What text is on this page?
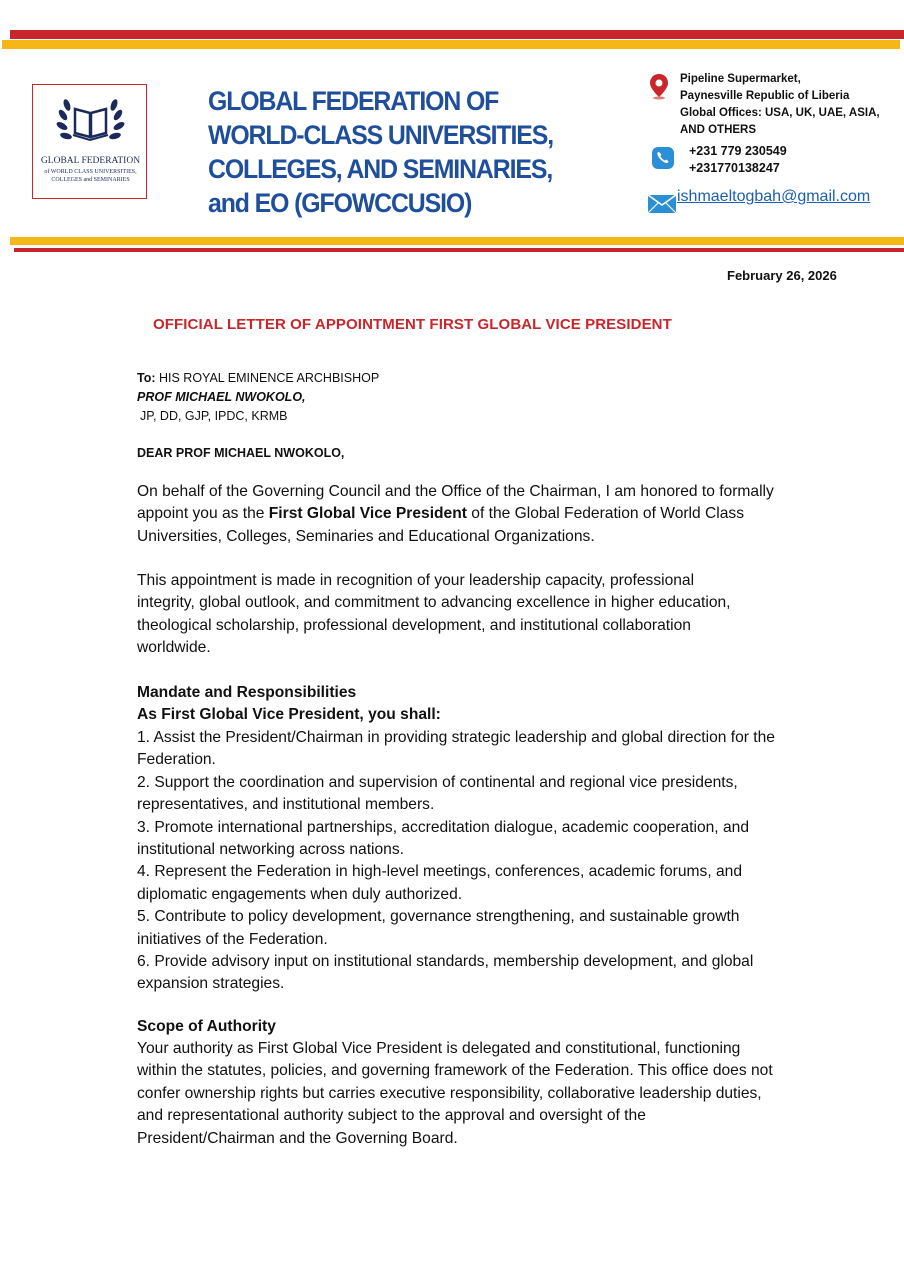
GLOBAL FEDERATION
of WORLD CLASS UNIVERSITIES,
COLLEGES and SEMINARIES
GLOBAL FEDERATION OF WORLD-CLASS UNIVERSITIES, COLLEGES, AND SEMINARIES, and EO (GFOWCCUSIO)
Pipeline Supermarket,
Paynesville Republic of Liberia
Global Offices: USA, UK, UAE, ASIA,
AND OTHERS
+231 779 230549
+231770138247
ishmaeltogbah@gmail.com
February 26, 2026
OFFICIAL LETTER OF APPOINTMENT FIRST GLOBAL VICE PRESIDENT
To: HIS ROYAL EMINENCE ARCHBISHOP
PROF MICHAEL NWOKOLO,
JP, DD, GJP, IPDC, KRMB
DEAR PROF MICHAEL NWOKOLO,

On behalf of the Governing Council and the Office of the Chairman, I am honored to formally appoint you as the First Global Vice President of the Global Federation of World Class Universities, Colleges, Seminaries and Educational Organizations.

This appointment is made in recognition of your leadership capacity, professional integrity, global outlook, and commitment to advancing excellence in higher education, theological scholarship, professional development, and institutional collaboration worldwide.
Mandate and Responsibilities
As First Global Vice President, you shall:

1. Assist the President/Chairman in providing strategic leadership and global direction for the Federation.

2. Support the coordination and supervision of continental and regional vice presidents, representatives, and institutional members.

3. Promote international partnerships, accreditation dialogue, academic cooperation, and institutional networking across nations.

4. Represent the Federation in high-level meetings, conferences, academic forums, and diplomatic engagements when duly authorized.

5. Contribute to policy development, governance strengthening, and sustainable growth initiatives of the Federation.

6. Provide advisory input on institutional standards, membership development, and global expansion strategies.

Scope of Authority
Your authority as First Global Vice President is delegated and constitutional, functioning within the statutes, policies, and governing framework of the Federation. This office does not confer ownership rights but carries executive responsibility, collaborative leadership duties, and representational authority subject to the approval and oversight of the President/Chairman and the Governing Board.
